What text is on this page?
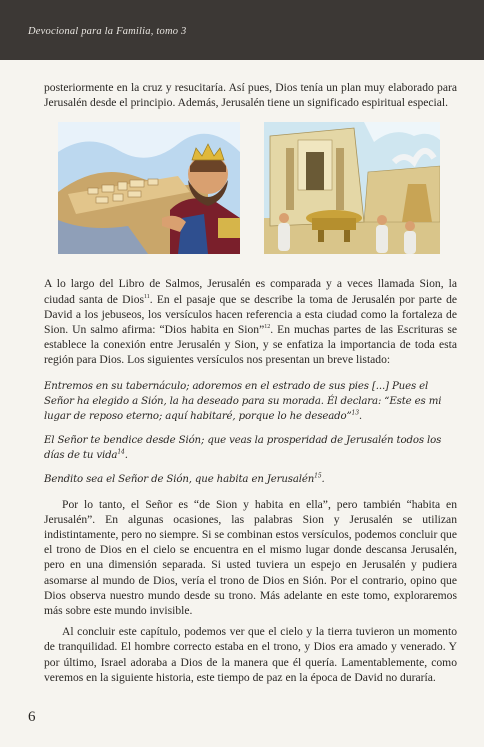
Devocional para la Familia, tomo 3

posteriormente en la cruz y resucitaría. Así pues, Dios tenía un plan muy elaborado para Jerusalén desde el principio. Además, Jerusalén tiene un significado espiritual especial.

A lo largo del Libro de Salmos, Jerusalén es comparada y a veces llamada Sion, la ciudad santa de Dios$^{11}$. En el pasaje que se describe la toma de Jerusalén por parte de David a los jebuseos, los versículos hacen referencia a esta ciudad como la fortaleza de Sion. Un salmo afirma: “Dios habita en Sion”$^{12}$. En muchas partes de las Escrituras se establece la conexión entre Jerusalén y Sion, y se enfatiza la importancia de toda esta región para Dios. Los siguientes versículos nos presentan un breve listado:

Entremos en su tabernáculo; adoremos en el estrado de sus pies [...] Pues el Señor ha elegido a Sión, la ha deseado para su morada. Él declara: “Este es mi lugar de reposo eterno; aquí habitaré, porque lo he deseado”$^{13}$.

El Señor te bendice desde Sión; que veas la prosperidad de Jerusalén todos los días de tu vida$^{14}$.

Bendito sea el Señor de Sión, que habita en Jerusalén$^{15}$.

Por lo tanto, el Señor es “de Sion y habita en ella”, pero también “habita en Jerusalén”. En algunas ocasiones, las palabras Sion y Jerusalén se utilizan indistintamente, pero no siempre. Si se combinan estos versículos, podemos concluir que el trono de Dios en el cielo se encuentra en el mismo lugar donde descansa Jerusalén, pero en una dimensión separada. Si usted tuviera un espejo en Jerusalén y pudiera asomarse al mundo de Dios, vería el trono de Dios en Sión. Por el contrario, opino que Dios observa nuestro mundo desde su trono. Más adelante en este tomo, exploraremos más sobre este mundo invisible.

Al concluir este capítulo, podemos ver que el cielo y la tierra tuvieron un momento de tranquilidad. El hombre correcto estaba en el trono, y Dios era amado y venerado. Y por último, Israel adoraba a Dios de la manera que él quería. Lamentablemente, como veremos en la siguiente historia, este tiempo de paz en la época de David no duraría.

6
